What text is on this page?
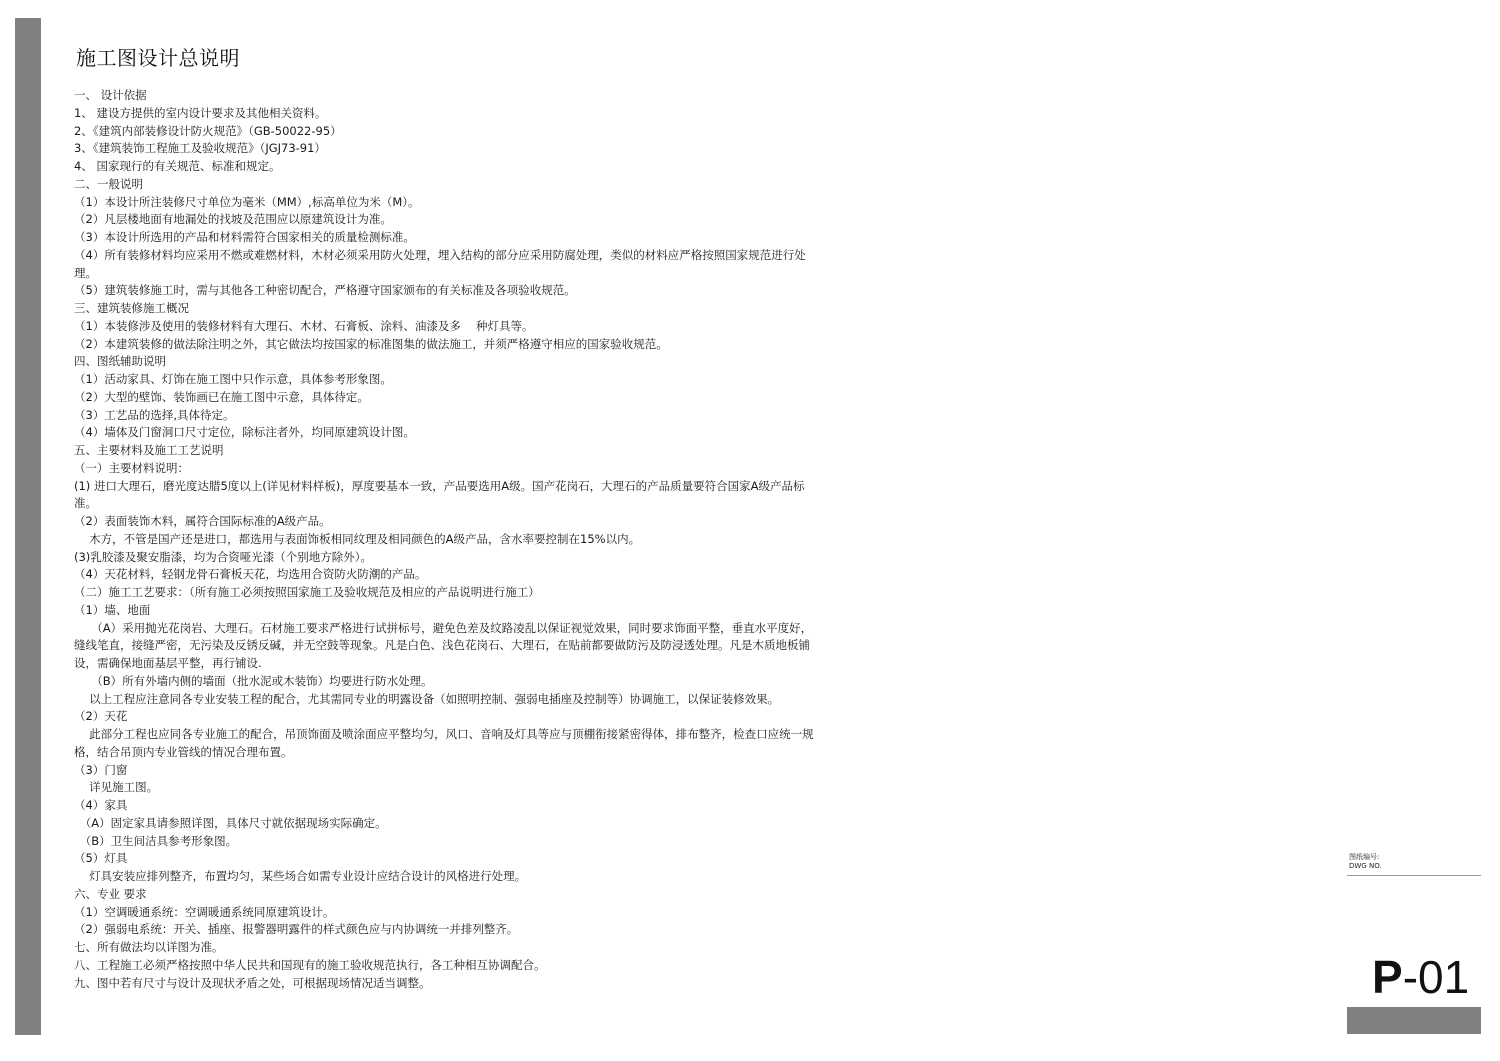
施工图设计总说明
一、 设计依据
1、 建设方提供的室内设计要求及其他相关资料。
2、《建筑内部装修设计防火规范》（GB-50022-95）
3、《建筑装饰工程施工及验收规范》（JGJ73-91）
4、 国家现行的有关规范、标准和规定。
二、一般说明
（1）本设计所注装修尺寸单位为毫米（MM）,标高单位为米（M）。
（2）凡层楼地面有地漏处的找坡及范围应以原建筑设计为准。
（3）本设计所选用的产品和材料需符合国家相关的质量检测标准。
（4）所有装修材料均应采用不燃或难燃材料，木材必须采用防火处理，埋入结构的部分应采用防腐处理，类似的材料应严格按照国家规范进行处
理。
（5）建筑装修施工时，需与其他各工种密切配合，严格遵守国家颁布的有关标准及各项验收规范。
三、建筑装修施工概况
（1）本装修涉及使用的装修材料有大理石、木材、石膏板、涂料、油漆及多　 种灯具等。
（2）本建筑装修的做法除注明之外，其它做法均按国家的标准图集的做法施工，并须严格遵守相应的国家验收规范。
四、图纸辅助说明
（1）活动家具、灯饰在施工图中只作示意，具体参考形象图。
（2）大型的壁饰、装饰画已在施工图中示意，具体待定。
（3）工艺品的选择,具体待定。
（4）墙体及门窗洞口尺寸定位，除标注者外，均同原建筑设计图。
五、主要材料及施工工艺说明
（一）主要材料说明：
(1) 进口大理石，磨光度达腊5度以上(详见材料样板)，厚度要基本一致，产品要选用A级。国产花岗石，大理石的产品质量要符合国家A级产品标
准。
（2）表面装饰木料，属符合国际标准的A级产品。
　 木方，不管是国产还是进口，都选用与表面饰板相同纹理及相同颜色的A级产品，含水率要控制在15%以内。
(3)乳胶漆及聚安脂漆，均为合资哑光漆（个别地方除外）。
（4）天花材料，轻钢龙骨石膏板天花，均选用合资防火防潮的产品。
（二）施工工艺要求：（所有施工必须按照国家施工及验收规范及相应的产品说明进行施工）
（1）墙、地面
　　（A）采用抛光花岗岩、大理石。石材施工要求严格进行试拼标号，避免色差及纹路凌乱以保证视觉效果，同时要求饰面平整，垂直水平度好，
缝线笔直，接缝严密，无污染及反锈反碱，并无空鼓等现象。凡是白色、浅色花岗石、大理石，在贴前都要做防污及防浸透处理。凡是木质地板铺
设，需确保地面基层平整，再行铺设.
　　（B）所有外墙内侧的墙面（批水泥或木装饰）均要进行防水处理。
　 以上工程应注意同各专业安装工程的配合，尤其需同专业的明露设备（如照明控制、强弱电插座及控制等）协调施工，以保证装修效果。
（2）天花
　 此部分工程也应同各专业施工的配合，吊顶饰面及喷涂面应平整均匀，风口、音响及灯具等应与顶棚衔接紧密得体，排布整齐，检查口应统一规
格，结合吊顶内专业管线的情况合理布置。
（3）门窗
　 详见施工图。
（4）家具
　（A）固定家具请参照详图，具体尺寸就依据现场实际确定。
　（B）卫生间洁具参考形象图。
（5）灯具
　 灯具安装应排列整齐，布置均匀，某些场合如需专业设计应结合设计的风格进行处理。
六、专业 要求
（1）空调暖通系统：空调暖通系统同原建筑设计。
（2）强弱电系统：开关、插座、报警器明露件的样式颜色应与内协调统一并排列整齐。
七、所有做法均以详图为准。
八、工程施工必须严格按照中华人民共和国现有的施工验收规范执行，各工种相互协调配合。
九、图中若有尺寸与设计及现状矛盾之处，可根据现场情况适当调整。
图纸编号:
DWG NO.
P-01
